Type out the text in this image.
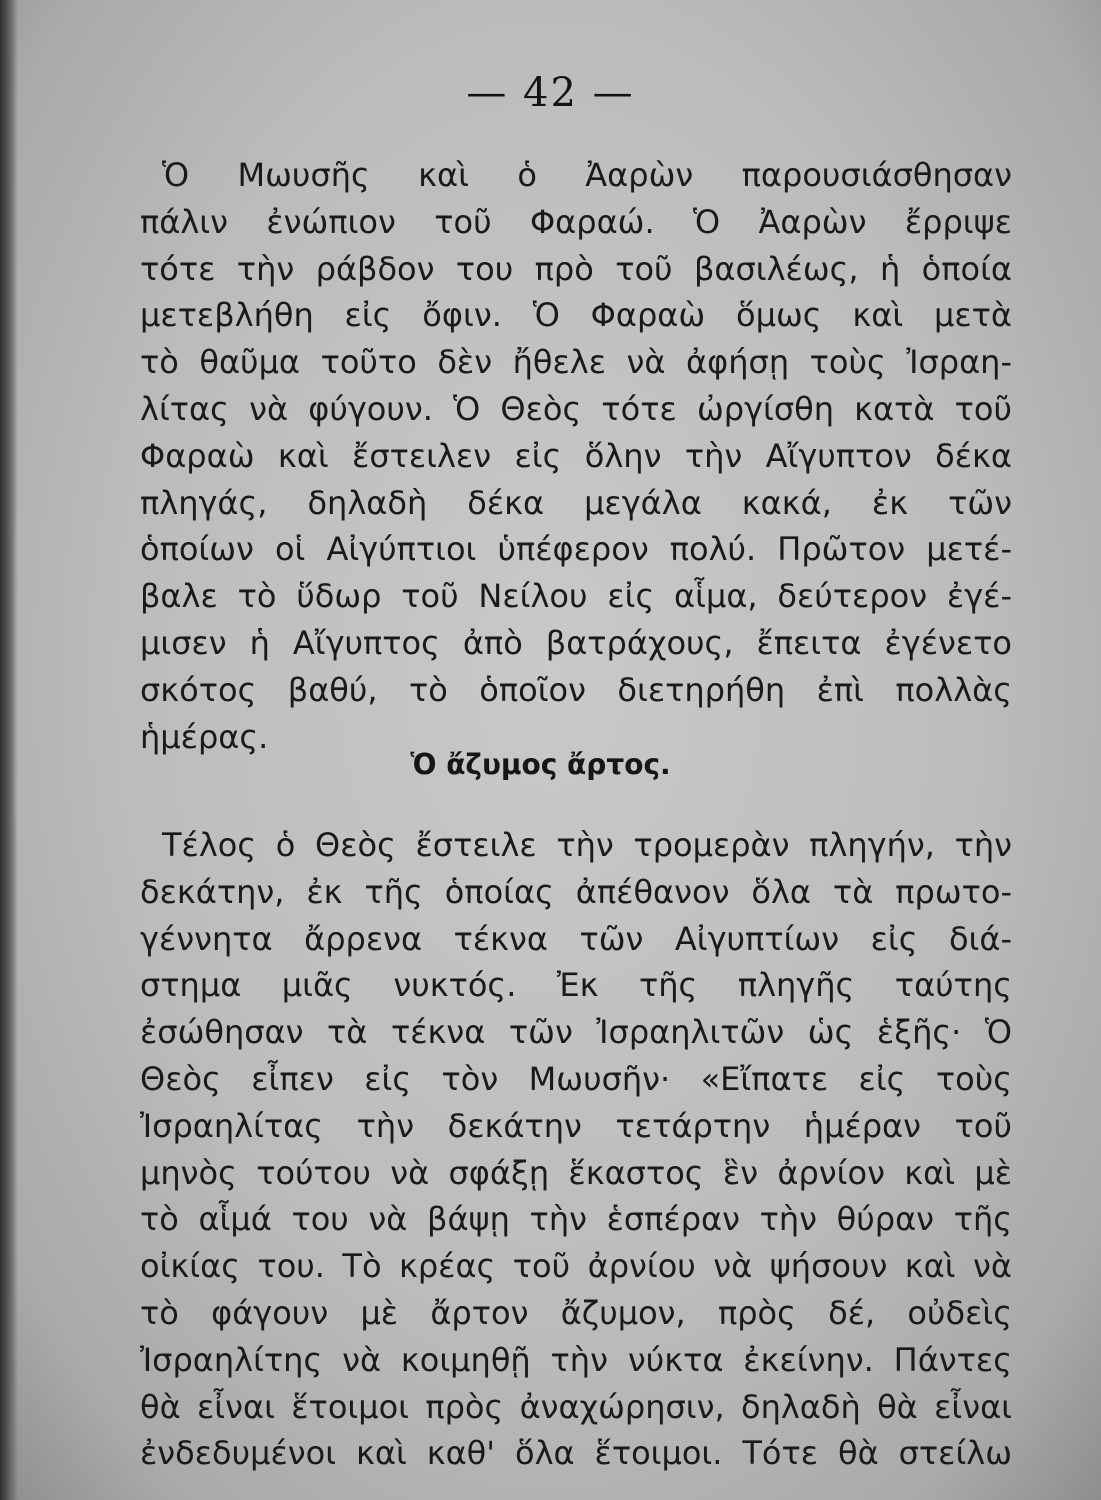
— 42 —
Ὁ Μωυσῆς καὶ ὁ Ἀαρὼν παρουσιάσθησαν
πάλιν ἐνώπιον τοῦ Φαραώ. Ὁ Ἀαρὼν ἔρριψε
τότε τὴν ράβδον του πρὸ τοῦ βασιλέως, ἡ ὁποία
μετεβλήθη εἰς ὄφιν. Ὁ Φαραὼ ὅμως καὶ μετὰ
τὸ θαῦμα τοῦτο δὲν ἤθελε νὰ ἀφήσῃ τοὺς Ἰσραη-
λίτας νὰ φύγουν. Ὁ Θεὸς τότε ὠργίσθη κατὰ τοῦ
Φαραὼ καὶ ἔστειλεν εἰς ὅλην τὴν Αἴγυπτον δέκα
πληγάς, δηλαδὴ δέκα μεγάλα κακά, ἐκ τῶν
ὁποίων οἱ Αἰγύπτιοι ὑπέφερον πολύ. Πρῶτον μετέ-
βαλε τὸ ὕδωρ τοῦ Νείλου εἰς αἷμα, δεύτερον ἐγέ-
μισεν ἡ Αἴγυπτος ἀπὸ βατράχους, ἔπειτα ἐγένετο
σκότος βαθύ, τὸ ὁποῖον διετηρήθη ἐπὶ πολλὰς
ἡμέρας.
Ὁ ἄζυμος ἄρτος.
Τέλος ὁ Θεὸς ἔστειλε τὴν τρομερὰν πληγήν, τὴν
δεκάτην, ἐκ τῆς ὁποίας ἀπέθανον ὅλα τὰ πρωτο-
γέννητα ἄρρενα τέκνα τῶν Αἰγυπτίων εἰς διά-
στημα μιᾶς νυκτός. Ἐκ τῆς πληγῆς ταύτης
ἐσώθησαν τὰ τέκνα τῶν Ἰσραηλιτῶν ὡς ἑξῆς· Ὁ
Θεὸς εἶπεν εἰς τὸν Μωυσῆν· «Εἴπατε εἰς τοὺς
Ἰσραηλίτας τὴν δεκάτην τετάρτην ἡμέραν τοῦ
μηνὸς τούτου νὰ σφάξῃ ἕκαστος ἓν ἀρνίον καὶ μὲ
τὸ αἷμά του νὰ βάψῃ τὴν ἑσπέραν τὴν θύραν τῆς
οἰκίας του. Τὸ κρέας τοῦ ἀρνίου νὰ ψήσουν καὶ νὰ
τὸ φάγουν μὲ ἄρτον ἄζυμον, πρὸς δέ, οὐδεὶς
Ἰσραηλίτης νὰ κοιμηθῇ τὴν νύκτα ἐκείνην. Πάντες
θὰ εἶναι ἕτοιμοι πρὸς ἀναχώρησιν, δηλαδὴ θὰ εἶναι
ἐνδεδυμένοι καὶ καθ' ὅλα ἕτοιμοι. Τότε θὰ στείλω
